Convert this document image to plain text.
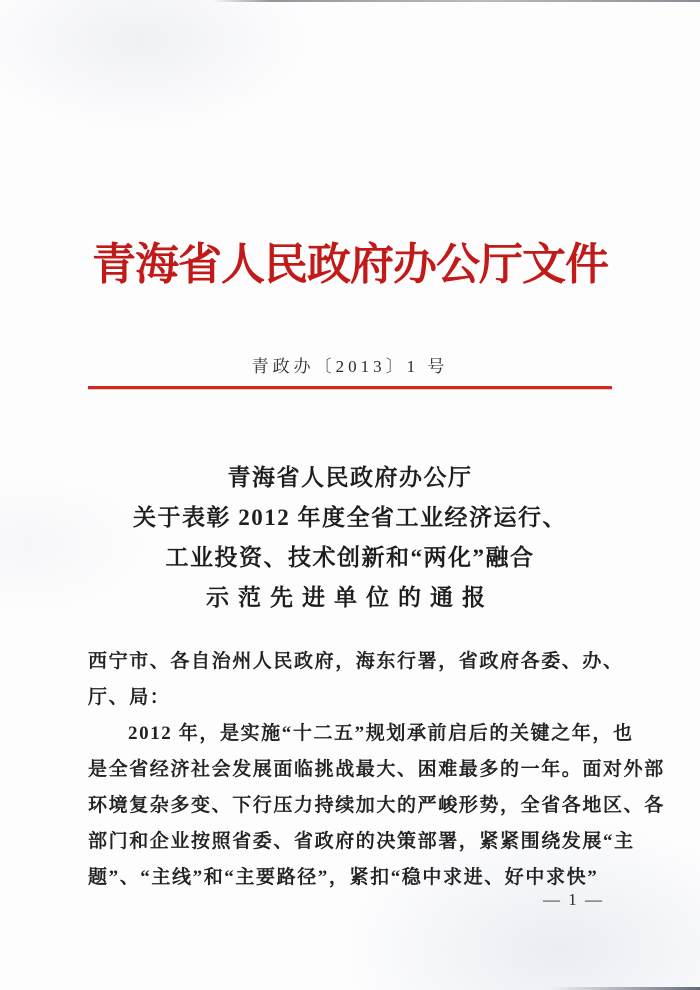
青海省人民政府办公厅文件
青政办〔2013〕1 号
青海省人民政府办公厅
关于表彰 2012 年度全省工业经济运行、
工业投资、技术创新和“两化”融合
示范先进单位的通报
西宁市、各自治州人民政府，海东行署，省政府各委、办、
厅、局：
2012 年，是实施“十二五”规划承前启后的关键之年，也
是全省经济社会发展面临挑战最大、困难最多的一年。面对外部
环境复杂多变、下行压力持续加大的严峻形势，全省各地区、各
部门和企业按照省委、省政府的决策部署，紧紧围绕发展“主
题”、“主线”和“主要路径”，紧扣“稳中求进、好中求快”
— 1 —
